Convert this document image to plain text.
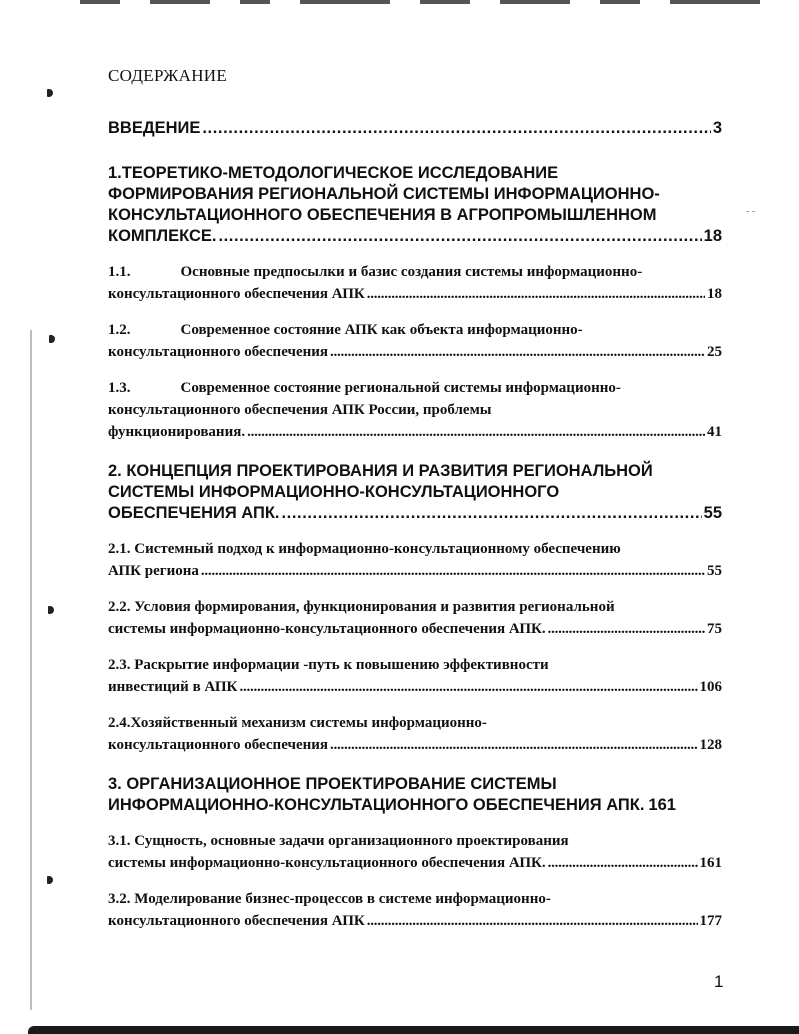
- -
СОДЕРЖАНИЕ
ВВЕДЕНИЕ . . .	3
1.ТЕОРЕТИКО-МЕТОДОЛОГИЧЕСКОЕ ИССЛЕДОВАНИЕ
ФОРМИРОВАНИЯ РЕГИОНАЛЬНОЙ СИСТЕМЫ ИНФОРМАЦИОННО-
КОНСУЛЬТАЦИОННОГО ОБЕСПЕЧЕНИЯ В АГРОПРОМЫШЛЕННОМ
КОМПЛЕКСЕ. . . .	18
1.1.	Основные предпосылки и базис создания системы информационно-
консультационного обеспечения АПК . . .	18
1.2.	Современное состояние АПК как объекта информационно-
консультационного обеспечения . . .	25
1.3.	Современное состояние региональной системы информационно-
консультационного обеспечения АПК России, проблемы
функционирования. . . .	41
2. КОНЦЕПЦИЯ ПРОЕКТИРОВАНИЯ И РАЗВИТИЯ РЕГИОНАЛЬНОЙ
СИСТЕМЫ ИНФОРМАЦИОННО-КОНСУЛЬТАЦИОННОГО
ОБЕСПЕЧЕНИЯ АПК. . . .	55
2.1. Системный подход к информационно-консультационному обеспечению
АПК региона . . .	55
2.2. Условия формирования, функционирования и развития региональной
системы информационно-консультационного обеспечения АПК. . . .	75
2.3. Раскрытие информации -путь к повышению эффективности
инвестиций в АПК . . .	106
2.4.Хозяйственный механизм системы информационно-
консультационного обеспечения . . .	128
3. ОРГАНИЗАЦИОННОЕ ПРОЕКТИРОВАНИЕ СИСТЕМЫ
ИНФОРМАЦИОННО-КОНСУЛЬТАЦИОННОГО ОБЕСПЕЧЕНИЯ АПК. 161
3.1. Сущность, основные задачи организационного проектирования
системы информационно-консультационного обеспечения АПК. . . .	161
3.2. Моделирование бизнес-процессов в системе информационно-
консультационного обеспечения АПК . . .	177
1
